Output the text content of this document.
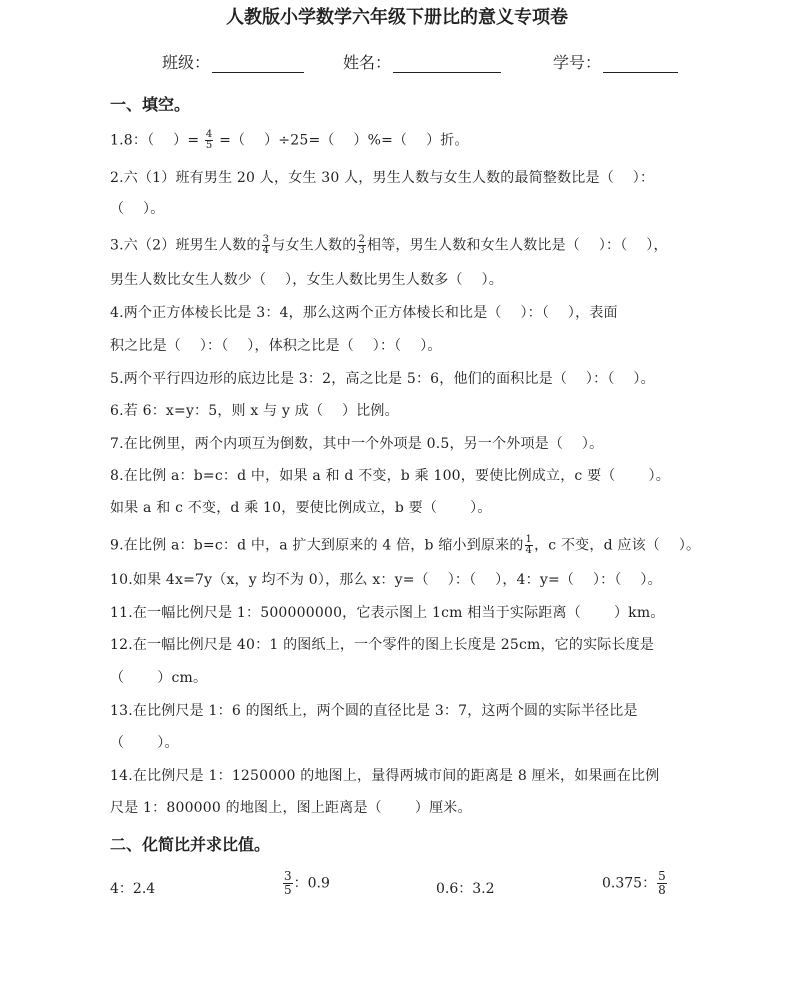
人教版小学数学六年级下册比的意义专项卷
班级：	姓名：	学号：
一、填空。
1.8：（　 ）= $\frac{4}{5}$ =（　 ）÷25=（　 ）%=（　 ）折。
2.六（1）班有男生 20 人，女生 30 人，男生人数与女生人数的最简整数比是（　 ）：
（　 ）。
3.六（2）班男生人数的 $\frac{3}{4}$ 与女生人数的 $\frac{2}{3}$ 相等，男生人数和女生人数比是（　 ）：（　 ），
男生人数比女生人数少（　 ），女生人数比男生人数多（　 ）。
4.两个正方体棱长比是 3：4，那么这两个正方体棱长和比是（　 ）：（　 ），表面
积之比是（　 ）：（　 ），体积之比是（　 ）：（　 ）。
5.两个平行四边形的底边比是 3：2，高之比是 5：6，他们的面积比是（　 ）：（　 ）。
6.若 6：x=y：5，则 x 与 y 成（　 ）比例。
7.在比例里，两个内项互为倒数，其中一个外项是 0.5，另一个外项是（　 ）。
8.在比例 a：b=c：d 中，如果 a 和 d 不变，b 乘 100，要使比例成立，c 要（　　 ）。
如果 a 和 c 不变，d 乘 10，要使比例成立，b 要（　　 ）。
9.在比例 a：b=c：d 中，a 扩大到原来的 4 倍，b 缩小到原来的 $\frac{1}{4}$ ，c 不变，d 应该（　 ）。
10.如果 4x=7y（x，y 均不为 0），那么 x：y=（　 ）：（　 ），4：y=（　 ）：（　 ）。
11.在一幅比例尺是 1：500000000，它表示图上 1cm 相当于实际距离（　　 ）km。
12.在一幅比例尺是 40：1 的图纸上，一个零件的图上长度是 25cm，它的实际长度是
（　　 ）cm。
13.在比例尺是 1：6 的图纸上，两个圆的直径比是 3：7，这两个圆的实际半径比是
（　　 ）。
14.在比例尺是 1：1250000 的地图上，量得两城市间的距离是 8 厘米，如果画在比例
尺是 1：800000 的地图上，图上距离是（　　 ）厘米。
二、化简比并求比值。
4：2.4	$\frac{3}{5}$ ：0.9	0.6：3.2	0.375： $\frac{5}{8}$
